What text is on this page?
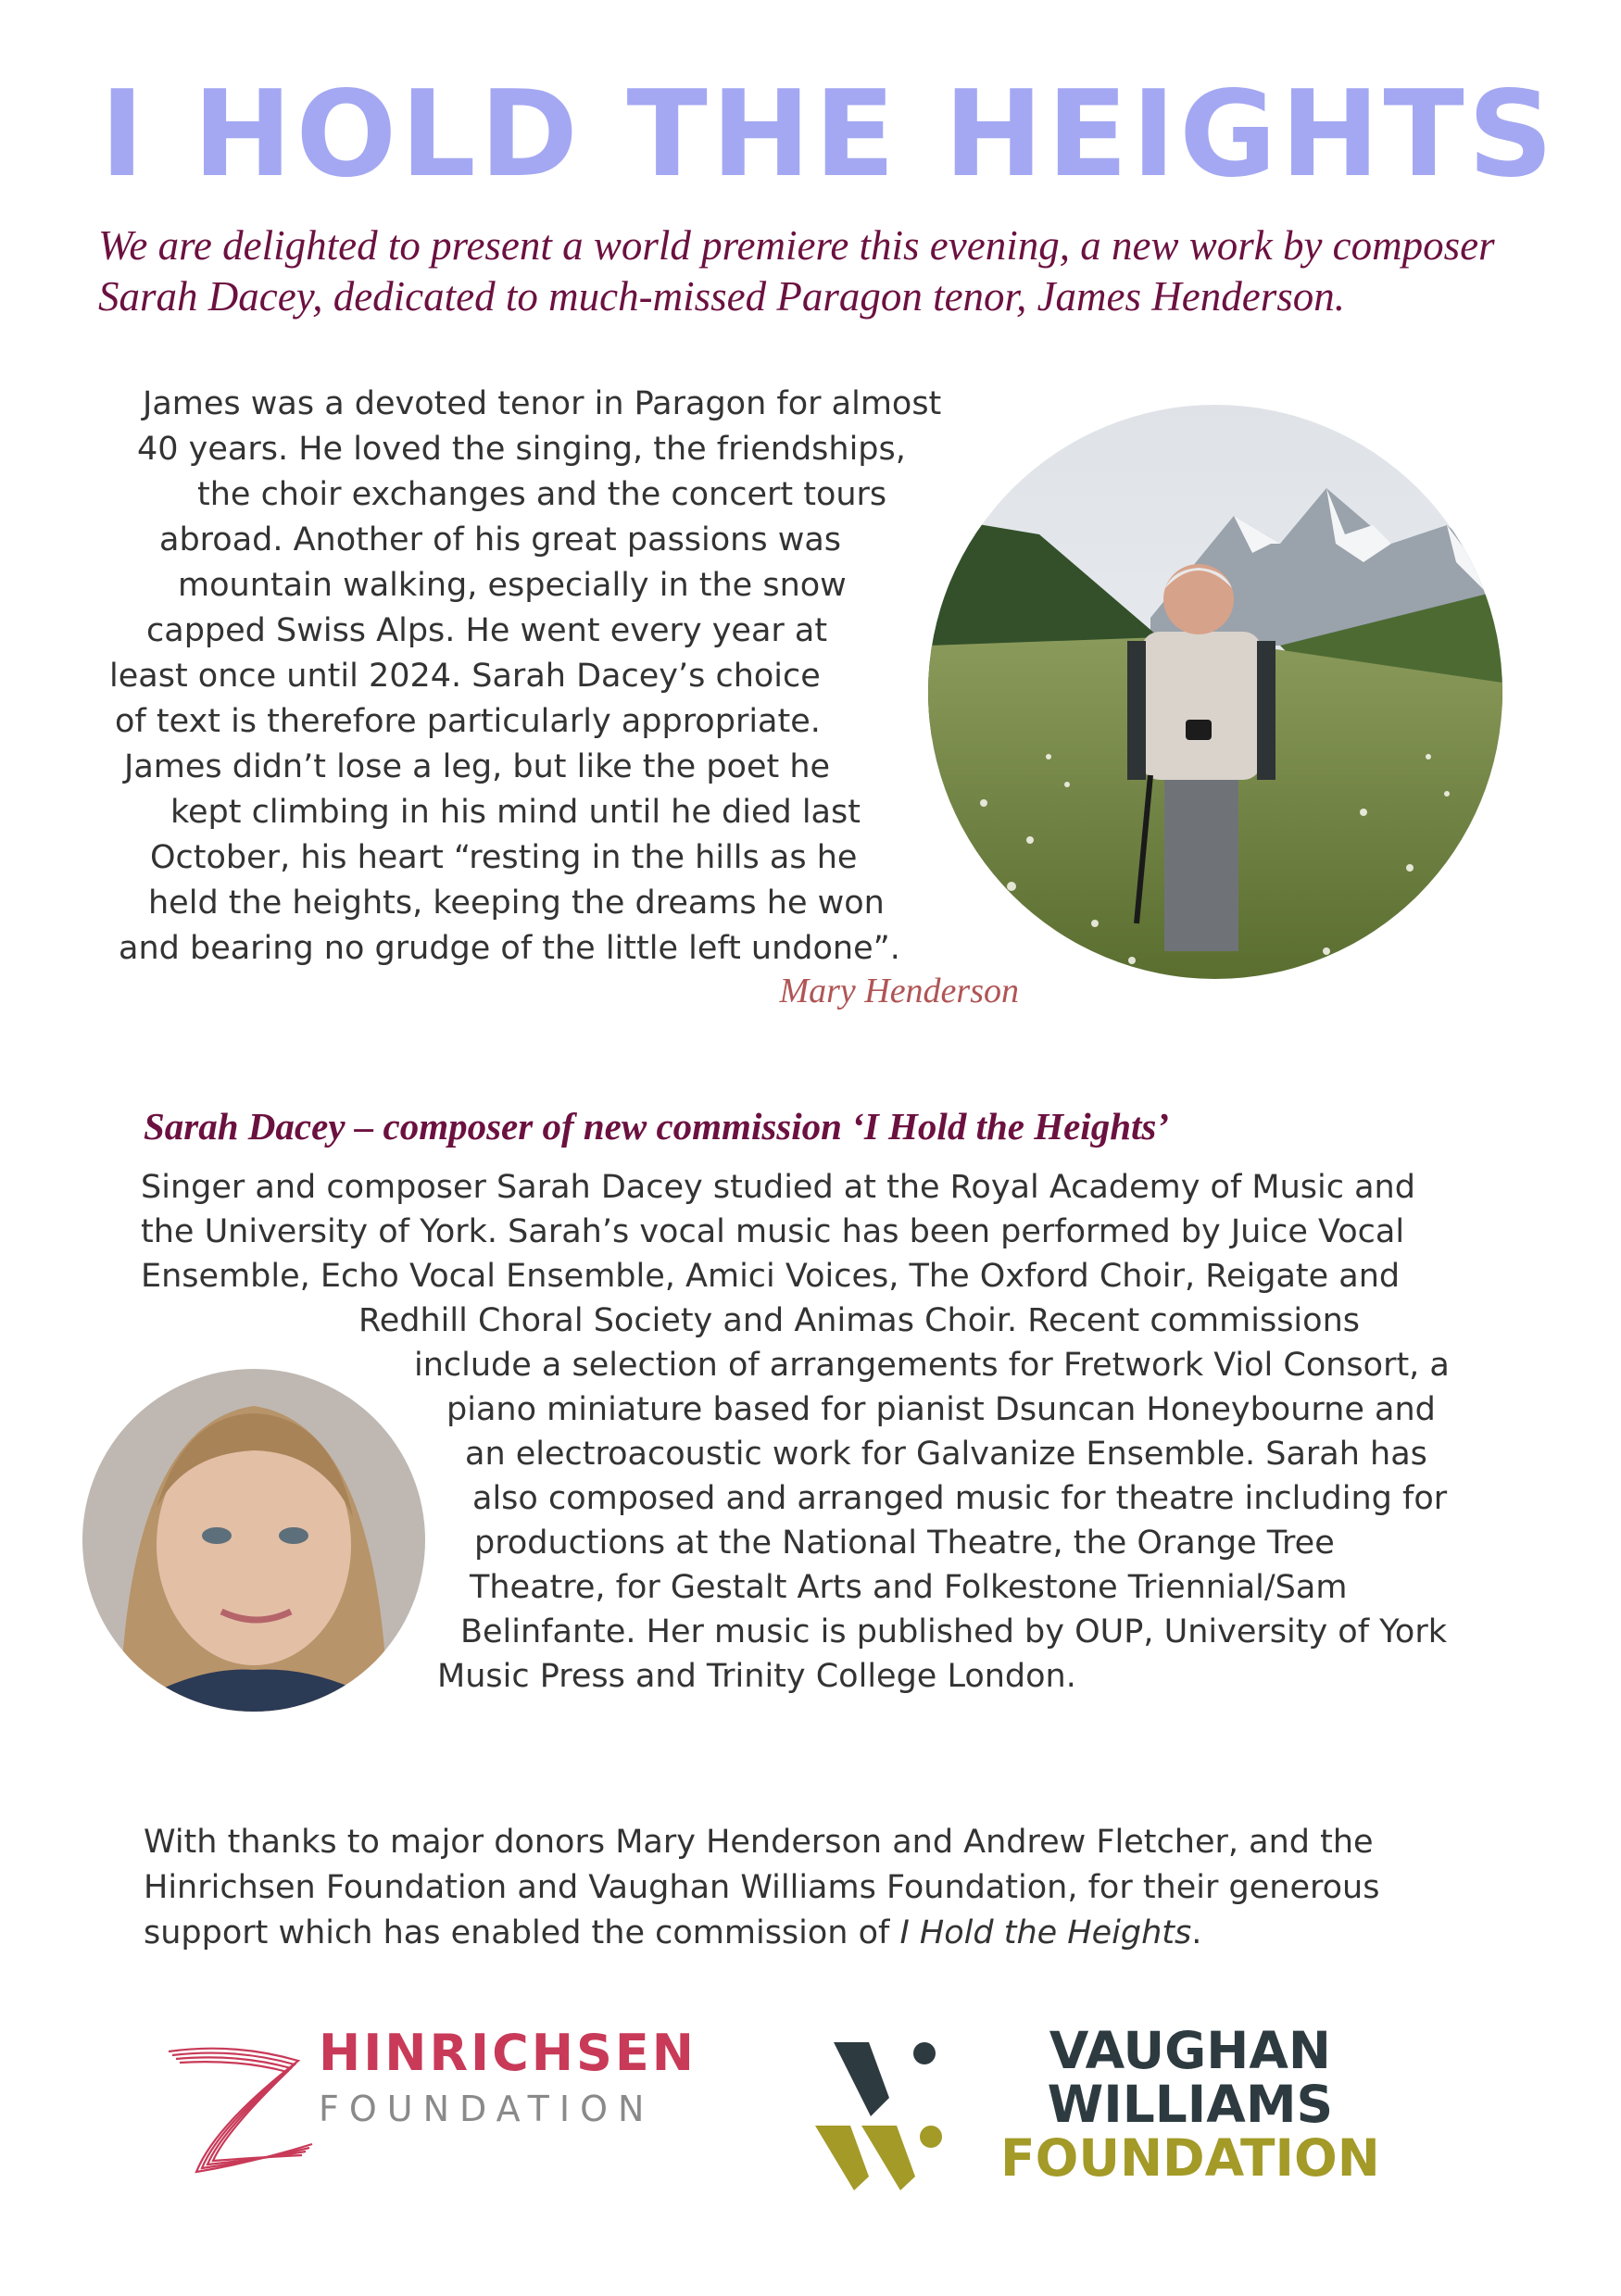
I HOLD THE HEIGHTS
We are delighted to present a world premiere this evening, a new work by composer
Sarah Dacey, dedicated to much-missed Paragon tenor, James Henderson.
James was a devoted tenor in Paragon for almost
40 years. He loved the singing, the friendships,
the choir exchanges and the concert tours
abroad. Another of his great passions was
mountain walking, especially in the snow
capped Swiss Alps. He went every year at
least once until 2024. Sarah Dacey’s choice
of text is therefore particularly appropriate.
James didn’t lose a leg, but like the poet he
kept climbing in his mind until he died last
October, his heart “resting in the hills as he
held the heights, keeping the dreams he won
and bearing no grudge of the little left undone”.
Mary Henderson
Sarah Dacey – composer of new commission ‘I Hold the Heights’
Singer and composer Sarah Dacey studied at the Royal Academy of Music and
the University of York. Sarah’s vocal music has been performed by Juice Vocal
Ensemble, Echo Vocal Ensemble, Amici Voices, The Oxford Choir, Reigate and
Redhill Choral Society and Animas Choir. Recent commissions
include a selection of arrangements for Fretwork Viol Consort, a
piano miniature based for pianist Dsuncan Honeybourne and
an electroacoustic work for Galvanize Ensemble. Sarah has
also composed and arranged music for theatre including for
productions at the National Theatre, the Orange Tree
Theatre, for Gestalt Arts and Folkestone Triennial/Sam
Belinfante. Her music is published by OUP, University of York
Music Press and Trinity College London.
With thanks to major donors Mary Henderson and Andrew Fletcher, and the
Hinrichsen Foundation and Vaughan Williams Foundation, for their generous
support which has enabled the commission of I Hold the Heights.
HINRICHSEN
FOUNDATION
VAUGHAN
WILLIAMS
FOUNDATION
